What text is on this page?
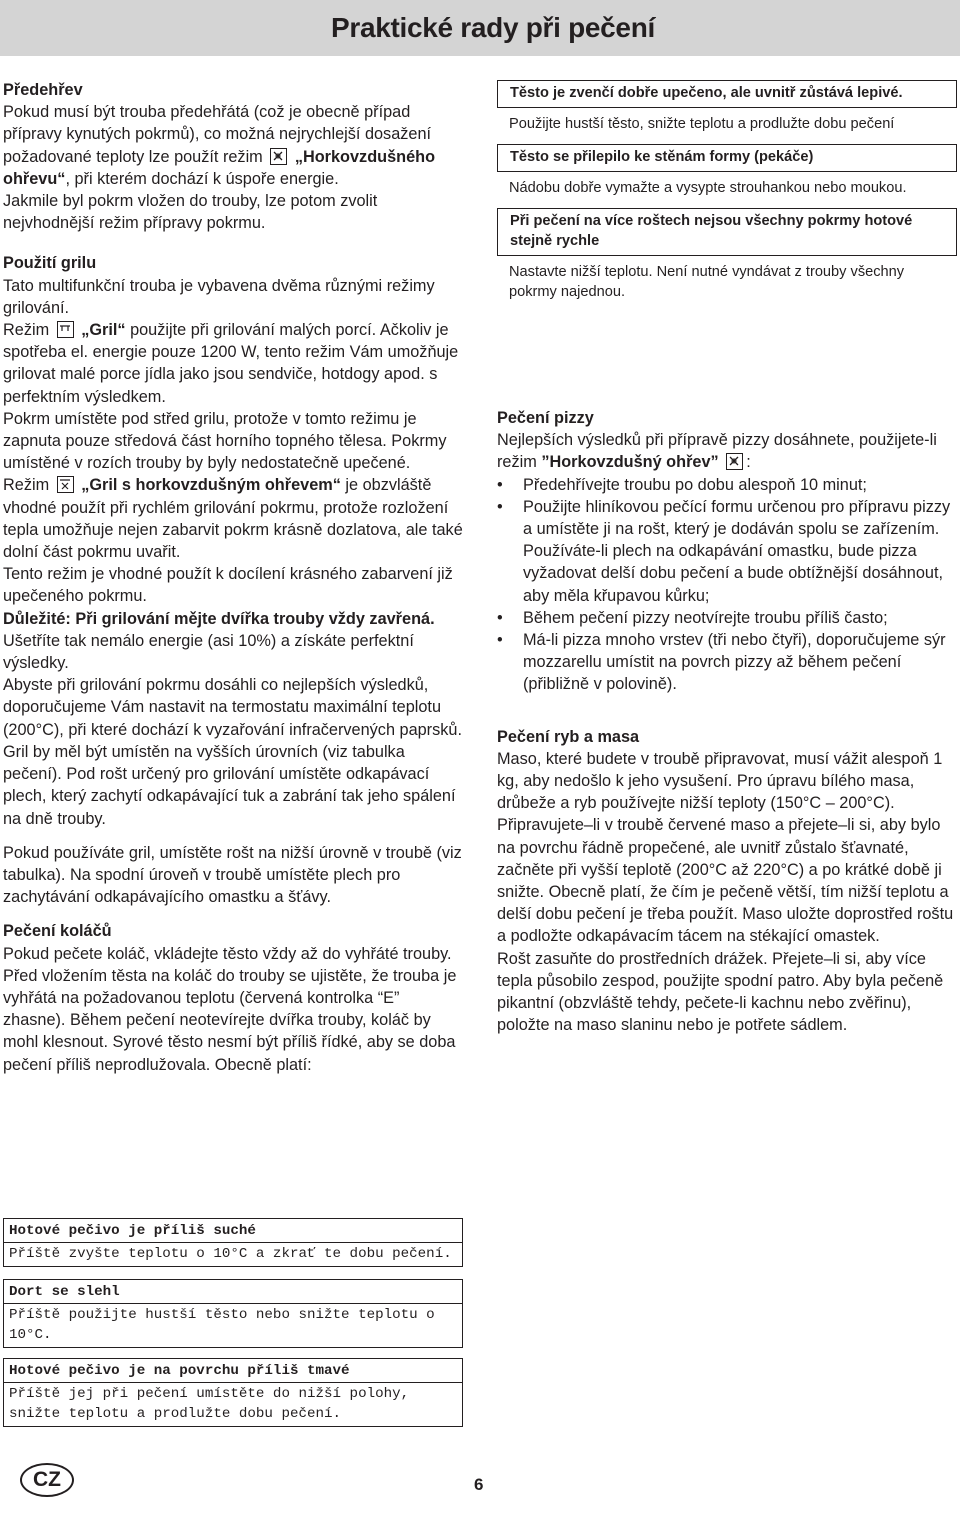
Praktické rady při pečení

Předehřev

Pokud musí být trouba předehřátá (což je obecně případ přípravy kynutých pokrmů), co možná nejrychlejší dosažení požadované teploty lze použít režim „Horkovzdušného ohřevu“, při kterém dochází k úspoře energie.

Jakmile byl pokrm vložen do trouby, lze potom zvolit nejvhodnější režim přípravy pokrmu.

Použití grilu

Tato multifunkční trouba je vybavena dvěma různými režimy grilování.

Režim „Gril“ použijte při grilování malých porcí. Ačkoliv je spotřeba el. energie pouze 1200 W, tento režim Vám umožňuje grilovat malé porce jídla jako jsou sendviče, hotdogy apod. s perfektním výsledkem.

Pokrm umístěte pod střed grilu, protože v tomto režimu je zapnuta pouze středová část horního topného tělesa. Pokrmy umístěné v rozích trouby by byly nedostatečně upečené.

Režim „Gril s horkovzdušným ohřevem“ je obzvláště vhodné použít při rychlém grilování pokrmu, protože rozložení tepla umožňuje nejen zabarvit pokrm krásně dozlatova, ale také dolní část pokrmu uvařit.

Tento režim je vhodné použít k docílení krásného zabarvení již upečeného pokrmu.

Důležité: Při grilování mějte dvířka trouby vždy zavřená. Ušetříte tak nemálo energie (asi 10%) a získáte perfektní výsledky.

Abyste při grilování pokrmu dosáhli co nejlepších výsledků, doporučujeme Vám nastavit na termostatu maximální teplotu (200°C), při které dochází k vyzařování infračervených paprsků. Gril by měl být umístěn na vyšších úrovních (viz tabulka pečení). Pod rošt určený pro grilování umístěte odkapávací plech, který zachytí odkapávající tuk a zabrání tak jeho spálení na dně trouby.

Pokud používáte gril, umístěte rošt na nižší úrovně v troubě (viz tabulka). Na spodní úroveň v troubě umístěte plech pro zachytávání odkapávajícího omastku a šťávy.

Pečení koláčů

Pokud pečete koláč, vkládejte těsto vždy až do vyhřáté trouby. Před vložením těsta na koláč do trouby se ujistěte, že trouba je vyhřátá na požadovanou teplotu (červená kontrolka “E” zhasne). Během pečení neotevírejte dvířka trouby, koláč by mohl klesnout. Syrové těsto nesmí být příliš řídké, aby se doba pečení příliš neprodlužovala. Obecně platí:

Těsto je zvenčí dobře upečeno, ale uvnitř zůstává lepivé.
Použijte hustší těsto, snižte teplotu a prodlužte dobu pečení
Těsto se přilepilo ke stěnám formy (pekáče)
Nádobu dobře vymažte a vysypte strouhankou nebo moukou.
Při pečení na více roštech nejsou všechny pokrmy hotové stejně rychle
Nastavte nižší teplotu. Není nutné vyndávat z trouby všechny pokrmy najednou.

Pečení pizzy

Nejlepších výsledků při přípravě pizzy dosáhnete, použijete-li režim ”Horkovzdušný ohřev” :

• Předehřívejte troubu po dobu alespoň 10 minut;
• Použijte hliníkovou pečící formu určenou pro přípravu pizzy a umístěte ji na rošt, který je dodáván spolu se zařízením. Používáte-li plech na odkapávání omastku, bude pizza vyžadovat delší dobu pečení a bude obtížnější dosáhnout, aby měla křupavou kůrku;
• Během pečení pizzy neotvírejte troubu příliš často;
• Má-li pizza mnoho vrstev (tři nebo čtyři), doporučujeme sýr mozzarellu umístit na povrch pizzy až během pečení (přibližně v polovině).

Pečení ryb a masa

Maso, které budete v troubě připravovat, musí vážit alespoň 1 kg, aby nedošlo k jeho vysušení. Pro úpravu bílého masa, drůbeže a ryb používejte nižší teploty (150°C – 200°C). Připravujete–li v troubě červené maso a přejete–li si, aby bylo na povrchu řádně propečené, ale uvnitř zůstalo šťavnaté, začněte při vyšší teplotě (200°C až 220°C) a po krátké době ji snižte. Obecně platí, že čím je pečeně větší, tím nižší teplotu a delší dobu pečení je třeba použít. Maso uložte doprostřed roštu a podložte odkapávacím tácem na stékající omastek.

Rošt zasuňte do prostředních drážek. Přejete–li si, aby více tepla působilo zespod, použijte spodní patro. Aby byla pečeně pikantní (obzvláště tehdy, pečete-li kachnu nebo zvěřinu), položte na maso slaninu nebo je potřete sádlem.

Hotové pečivo je příliš suché
Příště zvyšte teplotu o 10°C a zkrať te dobu pečení.
Dort se slehl
Příště použijte hustší těsto nebo snižte teplotu o 10°C.
Hotové pečivo je na povrchu příliš tmavé
Příště jej při pečení umístěte do nižší polohy, snižte teplotu a prodlužte dobu pečení.
CZ	6
